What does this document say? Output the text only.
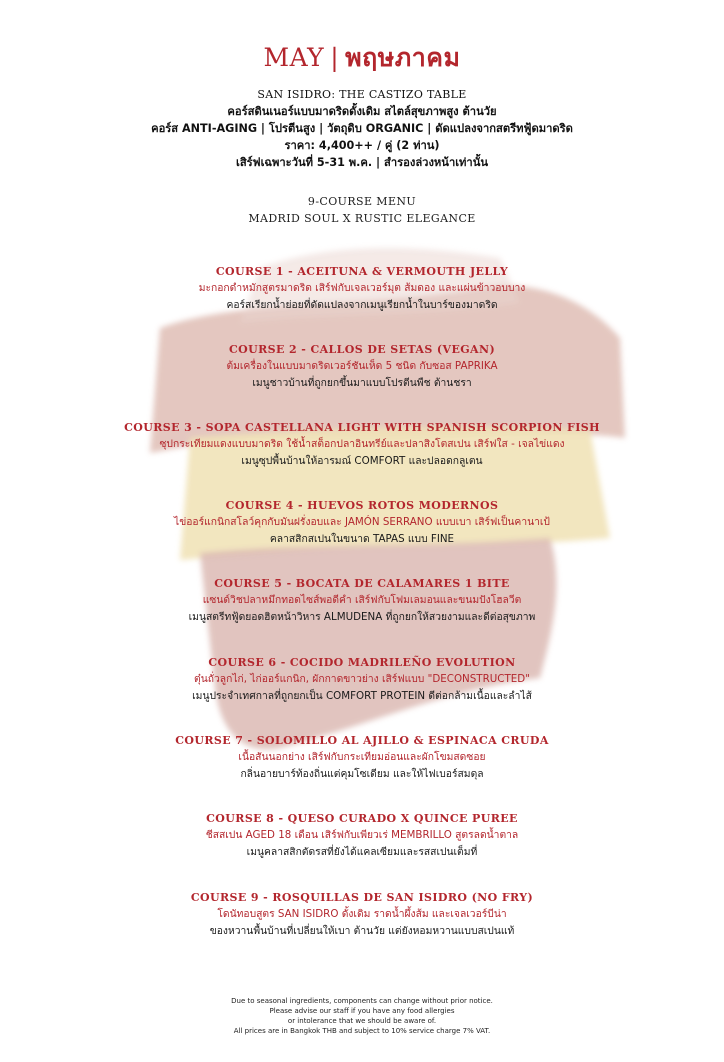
MAY | พฤษภาคม
SAN ISIDRO: THE CASTIZO TABLE
คอร์สดินเนอร์แบบมาดริดดั้งเดิม สไตล์สุขภาพสูง ต้านวัย
คอร์ส ANTI-AGING | โปรตีนสูง | วัตถุดิบ ORGANIC | ดัดแปลงจากสตรีทฟู้ดมาดริด
ราคา: 4,400++ / คู่ (2 ท่าน)
เสิร์ฟเฉพาะวันที่ 5-31 พ.ค. | สำรองล่วงหน้าเท่านั้น
9-COURSE MENU
MADRID SOUL X RUSTIC ELEGANCE
COURSE 1 - ACEITUNA & VERMOUTH JELLY
มะกอกดำหมักสูตรมาดริด เสิร์ฟกับเจลเวอร์มุต ส้มดอง และแผ่นข้าวอบบาง
คอร์สเรียกน้ำย่อยที่ดัดแปลงจากเมนูเรียกน้ำในบาร์ของมาดริด
COURSE 2 - CALLOS DE SETAS (VEGAN)
ต้มเครื่องในแบบมาดริดเวอร์ชันเห็ด 5 ชนิด กับซอส PAPRIKA
เมนูชาวบ้านที่ถูกยกขึ้นมาแบบโปรตีนพืช ต้านชรา
COURSE 3 - SOPA CASTELLANA LIGHT WITH SPANISH SCORPION FISH
ซุปกระเทียมแดงแบบมาดริด ใช้น้ำสต็อกปลาอินทรีย์และปลาสิงโตสเปน เสิร์ฟใส - เจลไข่แดง
เมนูซุปพื้นบ้านให้อารมณ์ COMFORT และปลอดกลูเตน
COURSE 4 - HUEVOS ROTOS MODERNOS
ไข่ออร์แกนิกสโลว์คุกกับมันฝรั่งอบและ JAMÓN SERRANO แบบเบา เสิร์ฟเป็นคานาเป้
คลาสสิกสเปนในขนาด TAPAS แบบ FINE
COURSE 5 - BOCATA DE CALAMARES 1 BITE
แซนด์วิชปลาหมึกทอดไซส์พอดีคำ เสิร์ฟกับโฟมเลมอนและขนมปังโฮลวีต
เมนูสตรีทฟู้ดยอดฮิตหน้าวิหาร ALMUDENA ที่ถูกยกให้สวยงามและดีต่อสุขภาพ
COURSE 6 - COCIDO MADRILEÑO EVOLUTION
ตุ๋นถั่วลูกไก่, ไก่ออร์แกนิก, ผักกาดขาวย่าง เสิร์ฟแบบ "DECONSTRUCTED"
เมนูประจำเทศกาลที่ถูกยกเป็น COMFORT PROTEIN ดีต่อกล้ามเนื้อและลำไส้
COURSE 7 - SOLOMILLO AL AJILLO & ESPINACA CRUDA
เนื้อสันนอกย่าง เสิร์ฟกับกระเทียมอ่อนและผักโขมสดซอย
กลิ่นอายบาร์ท้องถิ่นแต่คุมโซเดียม และให้ไฟเบอร์สมดุล
COURSE 8 - QUESO CURADO X QUINCE PUREE
ชีสสเปน AGED 18 เดือน เสิร์ฟกับเพียวเร่ MEMBRILLO สูตรลดน้ำตาล
เมนูคลาสสิกตัดรสที่ยังได้แคลเซียมและรสสเปนเต็มที่
COURSE 9 - ROSQUILLAS DE SAN ISIDRO (NO FRY)
โดนัทอบสูตร SAN ISIDRO ดั้งเดิม ราดน้ำผึ้งส้ม และเจลเวอร์บีน่า
ของหวานพื้นบ้านที่เปลี่ยนให้เบา ต้านวัย แต่ยังหอมหวานแบบสเปนแท้
Due to seasonal ingredients, components can change without prior notice.
Please advise our staff if you have any food allergies
or intolerance that we should be aware of.
All prices are in Bangkok THB and subject to 10% service charge 7% VAT.
